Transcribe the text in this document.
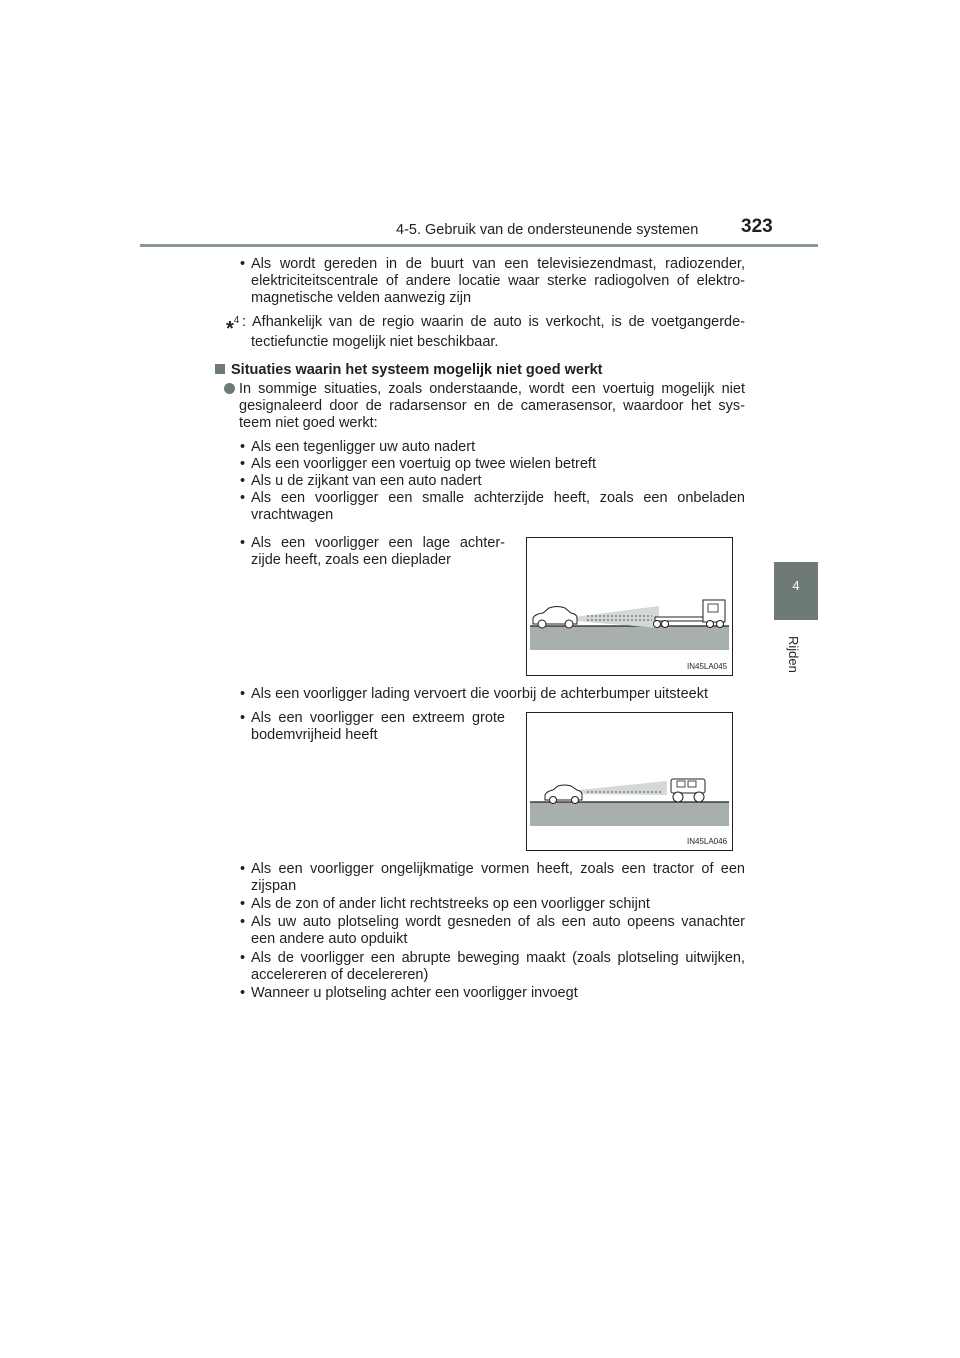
4-5. Gebruik van de ondersteunende systemen 323
4
Rijden
• Als wordt gereden in de buurt van een televisiezendmast, radiozender,
elektriciteitscentrale of andere locatie waar sterke radiogolven of elektro-
magnetische velden aanwezig zijn
*$^4$ : Afhankelijk van de regio waarin de auto is verkocht, is de voetgangerde-
tectiefunctie mogelijk niet beschikbaar.
Situaties waarin het systeem mogelijk niet goed werkt
In sommige situaties, zoals onderstaande, wordt een voertuig mogelijk niet
gesignaleerd door de radarsensor en de camerasensor, waardoor het sys-
teem niet goed werkt:
• Als een tegenligger uw auto nadert
• Als een voorligger een voertuig op twee wielen betreft
• Als u de zijkant van een auto nadert
• Als een voorligger een smalle achterzijde heeft, zoals een onbeladen
vrachtwagen
• Als een voorligger een lage achter-
zijde heeft, zoals een dieplader
IN45LA045
• Als een voorligger lading vervoert die voorbij de achterbumper uitsteekt
• Als een voorligger een extreem grote
bodemvrijheid heeft
IN45LA046
• Als een voorligger ongelijkmatige vormen heeft, zoals een tractor of een
zijspan
• Als de zon of ander licht rechtstreeks op een voorligger schijnt
• Als uw auto plotseling wordt gesneden of als een auto opeens vanachter
een andere auto opduikt
• Als de voorligger een abrupte beweging maakt (zoals plotseling uitwijken,
accelereren of decelereren)
• Wanneer u plotseling achter een voorligger invoegt
